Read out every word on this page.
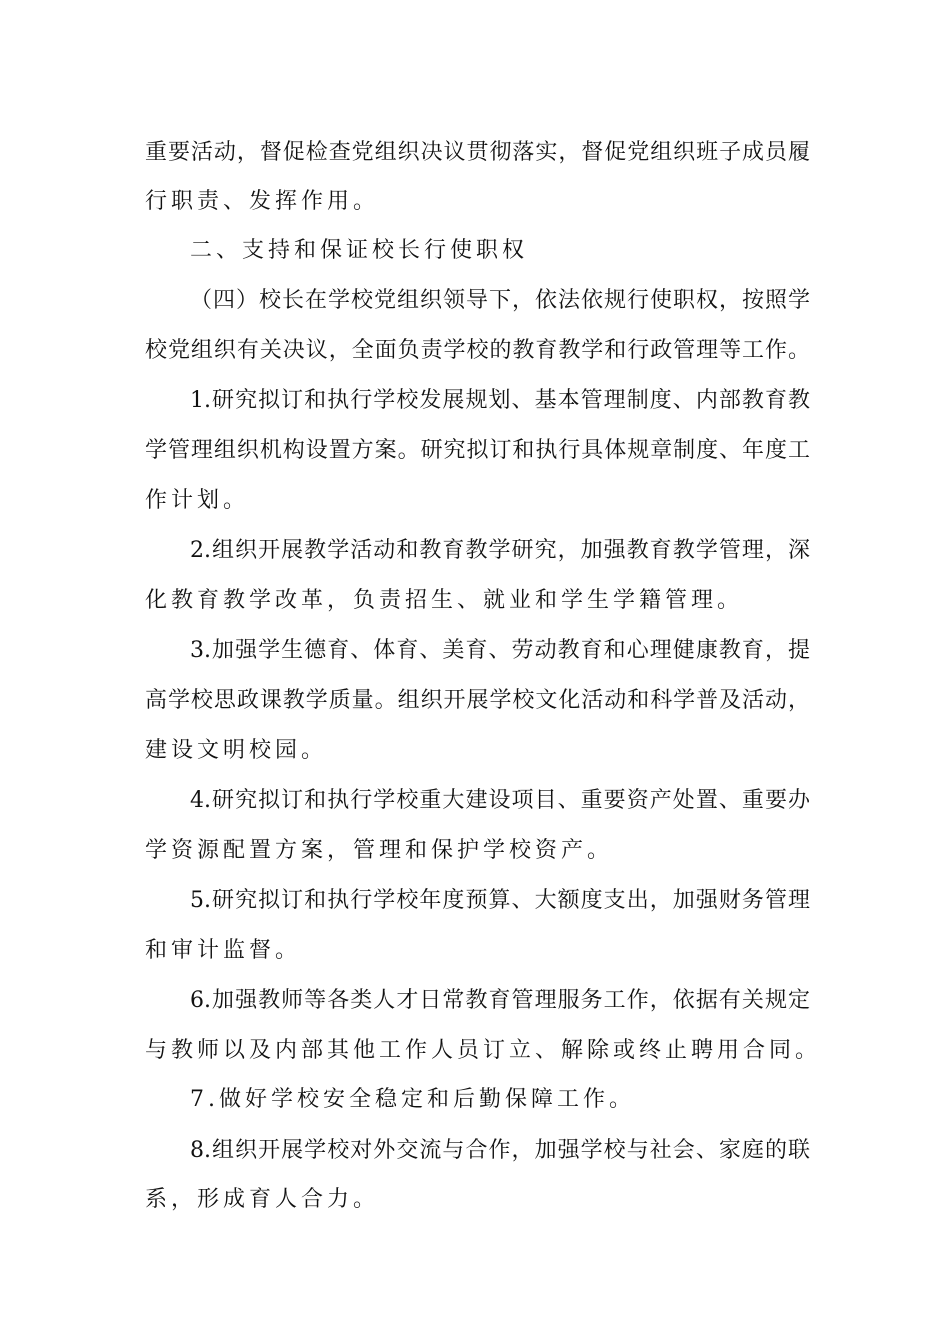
重要活动，督促检查党组织决议贯彻落实，督促党组织班子成员履
行职责、发挥作用。
二、支持和保证校长行使职权
（四）校长在学校党组织领导下，依法依规行使职权，按照学
校党组织有关决议，全面负责学校的教育教学和行政管理等工作。
1.研究拟订和执行学校发展规划、基本管理制度、内部教育教
学管理组织机构设置方案。研究拟订和执行具体规章制度、年度工
作计划。
2.组织开展教学活动和教育教学研究，加强教育教学管理，深
化教育教学改革，负责招生、就业和学生学籍管理。
3.加强学生德育、体育、美育、劳动教育和心理健康教育，提
高学校思政课教学质量。组织开展学校文化活动和科学普及活动，
建设文明校园。
4.研究拟订和执行学校重大建设项目、重要资产处置、重要办
学资源配置方案，管理和保护学校资产。
5.研究拟订和执行学校年度预算、大额度支出，加强财务管理
和审计监督。
6.加强教师等各类人才日常教育管理服务工作，依据有关规定
与教师以及内部其他工作人员订立、解除或终止聘用合同。
7.做好学校安全稳定和后勤保障工作。
8.组织开展学校对外交流与合作，加强学校与社会、家庭的联
系，形成育人合力。
